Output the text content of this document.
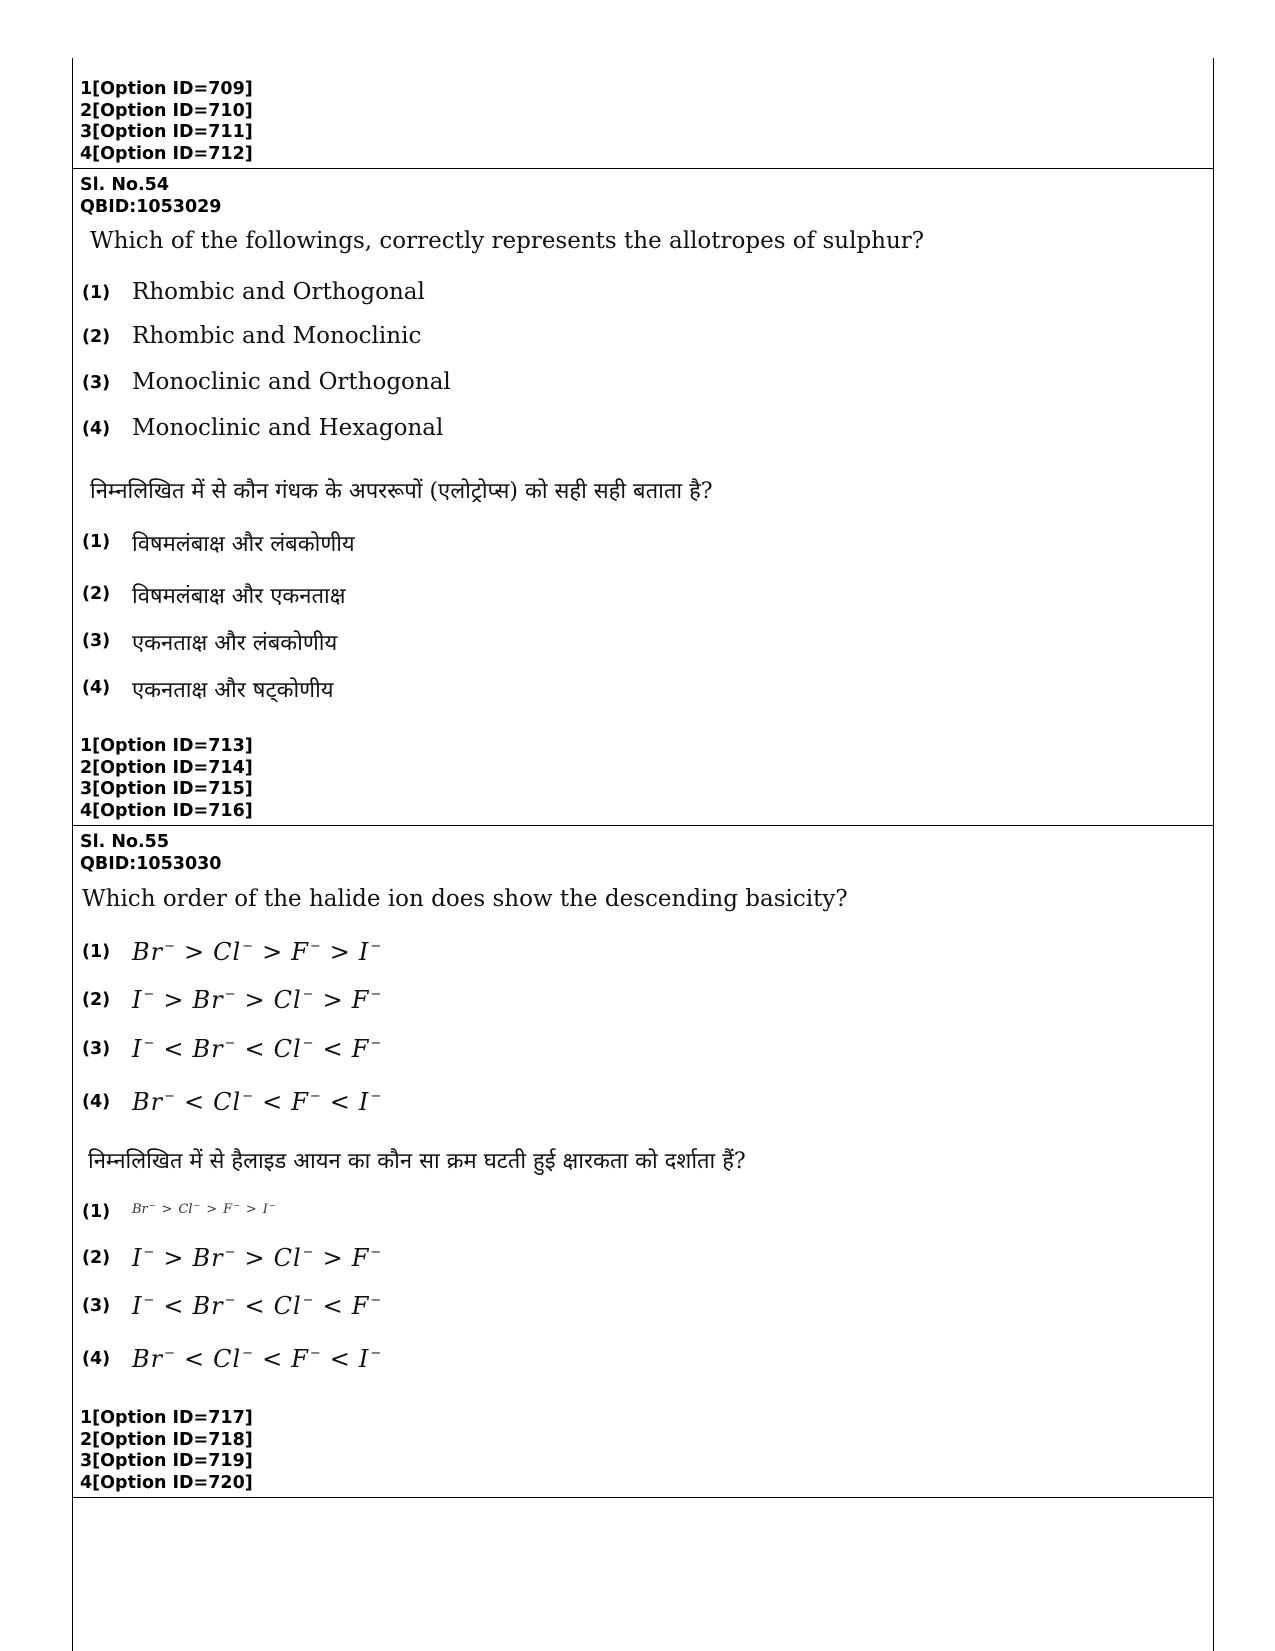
1[Option ID=709]
2[Option ID=710]
3[Option ID=711]
4[Option ID=712]
Sl. No.54
QBID:1053029
Which of the followings, correctly represents the allotropes of sulphur?
(1) Rhombic and Orthogonal
(2) Rhombic and Monoclinic
(3) Monoclinic and Orthogonal
(4) Monoclinic and Hexagonal
निम्नलिखित में से कौन गंधक के अपररूपों (एलोट्रोप्स) को सही सही बताता है?
(1) विषमलंबाक्ष और लंबकोणीय
(2) विषमलंबाक्ष और एकनताक्ष
(3) एकनताक्ष और लंबकोणीय
(4) एकनताक्ष और षट्कोणीय
1[Option ID=713]
2[Option ID=714]
3[Option ID=715]
4[Option ID=716]
Sl. No.55
QBID:1053030
Which order of the halide ion does show the descending basicity?
(1) Br− > Cl− > F− > I−
(2) I− > Br− > Cl− > F−
(3) I− < Br− < Cl− < F−
(4) Br− < Cl− < F− < I−
निम्नलिखित में से हैलाइड आयन का कौन सा क्रम घटती हुई क्षारकता को दर्शाता हैं?
(1) Br− > Cl− > F− > I−
(2) I− > Br− > Cl− > F−
(3) I− < Br− < Cl− < F−
(4) Br− < Cl− < F− < I−
1[Option ID=717]
2[Option ID=718]
3[Option ID=719]
4[Option ID=720]
